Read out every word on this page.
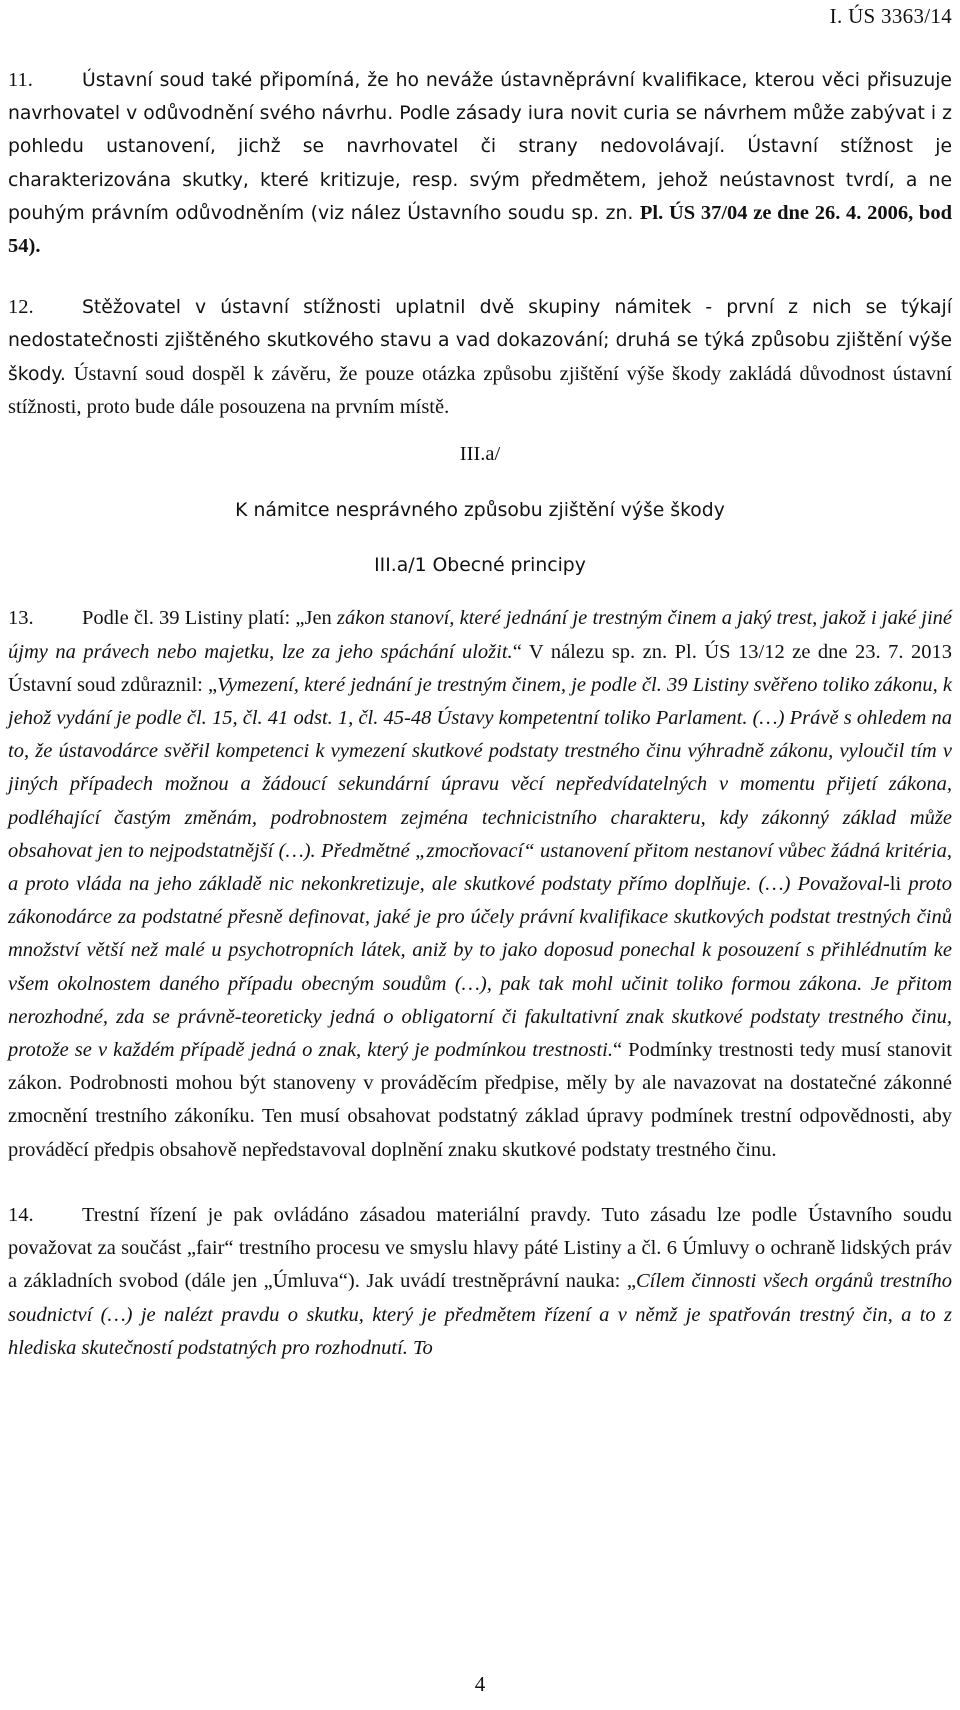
I. ÚS 3363/14

11.	Ústavní soud také připomíná, že ho neváže ústavněprávní kvalifikace, kterou věci přisuzuje navrhovatel v odůvodnění svého návrhu. Podle zásady iura novit curia se návrhem může zabývat i z pohledu ustanovení, jichž se navrhovatel či strany nedovolávají. Ústavní stížnost je charakterizována skutky, které kritizuje, resp. svým předmětem, jehož neústavnost tvrdí, a ne pouhým právním odůvodněním (viz nález Ústavního soudu sp. zn. Pl. ÚS 37/04 ze dne 26. 4. 2006, bod 54).

12.	Stěžovatel v ústavní stížnosti uplatnil dvě skupiny námitek - první z nich se týkají nedostatečnosti zjištěného skutkového stavu a vad dokazování; druhá se týká způsobu zjištění výše škody. Ústavní soud dospěl k závěru, že pouze otázka způsobu zjištění výše škody zakládá důvodnost ústavní stížnosti, proto bude dále posouzena na prvním místě.

III.a/

K námitce nesprávného způsobu zjištění výše škody

III.a/1 Obecné principy

13. Podle čl. 39 Listiny platí: „Jen zákon stanoví, které jednání je trestným činem a jaký trest, jakož i jaké jiné újmy na právech nebo majetku, lze za jeho spáchání uložit.“ V nálezu sp. zn. Pl. ÚS 13/12 ze dne 23. 7. 2013 Ústavní soud zdůraznil: „Vymezení, které jednání je trestným činem, je podle čl. 39 Listiny svěřeno toliko zákonu, k jehož vydání je podle čl. 15, čl. 41 odst. 1, čl. 45-48 Ústavy kompetentní toliko Parlament. (…) Právě s ohledem na to, že ústavodárce svěřil kompetenci k vymezení skutkové podstaty trestného činu výhradně zákonu, vyloučil tím v jiných případech možnou a žádoucí sekundární úpravu věcí nepředvídatelných v momentu přijetí zákona, podléhající častým změnám, podrobnostem zejména technicistního charakteru, kdy zákonný základ může obsahovat jen to nejpodstatnější (…). Předmětné „zmocňovací“ ustanovení přitom nestanoví vůbec žádná kritéria, a proto vláda na jeho základě nic nekonkretizuje, ale skutkové podstaty přímo doplňuje. (…) Považoval-li proto zákonodárce za podstatné přesně definovat, jaké je pro účely právní kvalifikace skutkových podstat trestných činů množství větší než malé u psychotropních látek, aniž by to jako doposud ponechal k posouzení s přihlédnutím ke všem okolnostem daného případu obecným soudům (…), pak tak mohl učinit toliko formou zákona. Je přitom nerozhodné, zda se právně-teoreticky jedná o obligatorní či fakultativní znak skutkové podstaty trestného činu, protože se v každém případě jedná o znak, který je podmínkou trestnosti.“ Podmínky trestnosti tedy musí stanovit zákon. Podrobnosti mohou být stanoveny v prováděcím předpise, měly by ale navazovat na dostatečné zákonné zmocnění trestního zákoníku. Ten musí obsahovat podstatný základ úpravy podmínek trestní odpovědnosti, aby prováděcí předpis obsahově nepředstavoval doplnění znaku skutkové podstaty trestného činu.

14. Trestní řízení je pak ovládáno zásadou materiální pravdy. Tuto zásadu lze podle Ústavního soudu považovat za součást „fair“ trestního procesu ve smyslu hlavy páté Listiny a čl. 6 Úmluvy o ochraně lidských práv a základních svobod (dále jen „Úmluva“). Jak uvádí trestněprávní nauka: „Cílem činnosti všech orgánů trestního soudnictví (…) je nalézt pravdu o skutku, který je předmětem řízení a v němž je spatřován trestný čin, a to z hlediska skutečností podstatných pro rozhodnutí. To

4
